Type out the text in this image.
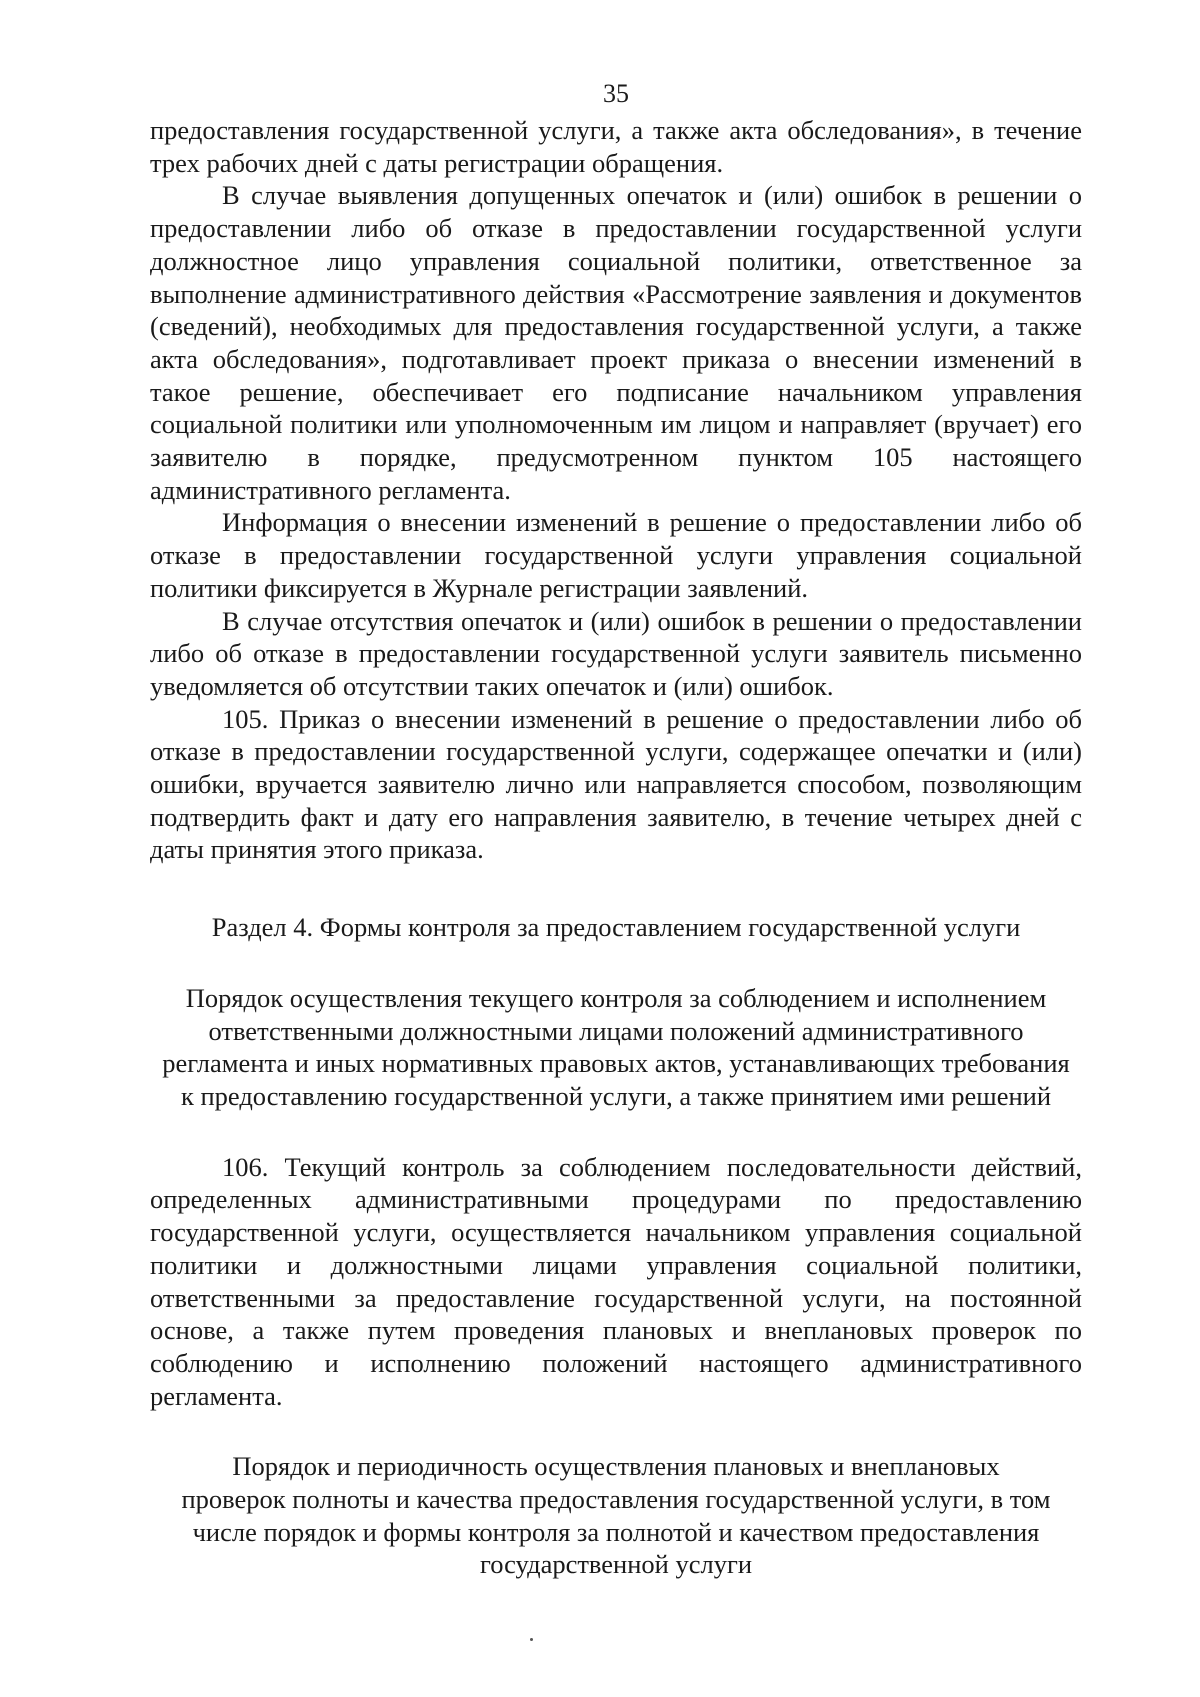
35

предоставления государственной услуги, а также акта обследования», в течение трех рабочих дней с даты регистрации обращения.

В случае выявления допущенных опечаток и (или) ошибок в решении о предоставлении либо об отказе в предоставлении государственной услуги должностное лицо управления социальной политики, ответственное за выполнение административного действия «Рассмотрение заявления и документов (сведений), необходимых для предоставления государственной услуги, а также акта обследования», подготавливает проект приказа о внесении изменений в такое решение, обеспечивает его подписание начальником управления социальной политики или уполномоченным им лицом и направляет (вручает) его заявителю в порядке, предусмотренном пунктом 105 настоящего административного регламента.

Информация о внесении изменений в решение о предоставлении либо об отказе в предоставлении государственной услуги управления социальной политики фиксируется в Журнале регистрации заявлений.

В случае отсутствия опечаток и (или) ошибок в решении о предоставлении либо об отказе в предоставлении государственной услуги заявитель письменно уведомляется об отсутствии таких опечаток и (или) ошибок.

105. Приказ о внесении изменений в решение о предоставлении либо об отказе в предоставлении государственной услуги, содержащее опечатки и (или) ошибки, вручается заявителю лично или направляется способом, позволяющим подтвердить факт и дату его направления заявителю, в течение четырех дней с даты принятия этого приказа.

Раздел 4. Формы контроля за предоставлением государственной услуги

Порядок осуществления текущего контроля за соблюдением и исполнением

ответственными должностными лицами положений административного

регламента и иных нормативных правовых актов, устанавливающих требования

к предоставлению государственной услуги, а также принятием ими решений

106. Текущий контроль за соблюдением последовательности действий, определенных административными процедурами по предоставлению государственной услуги, осуществляется начальником управления социальной политики и должностными лицами управления социальной политики, ответственными за предоставление государственной услуги, на постоянной основе, а также путем проведения плановых и внеплановых проверок по соблюдению и исполнению положений настоящего административного регламента.

Порядок и периодичность осуществления плановых и внеплановых

проверок полноты и качества предоставления государственной услуги, в том

числе порядок и формы контроля за полнотой и качеством предоставления

государственной услуги
